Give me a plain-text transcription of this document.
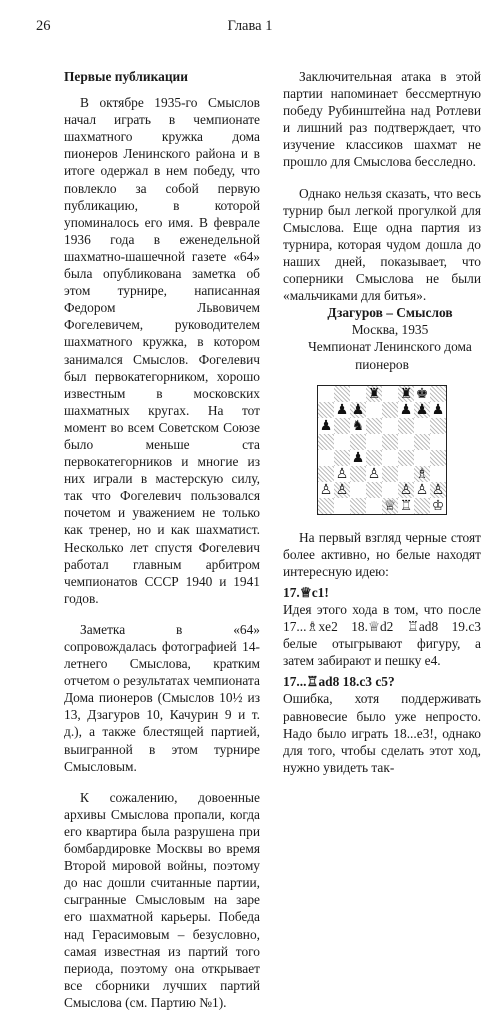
26	Глава 1

Первые публикации

В октябре 1935-го Смыслов начал играть в чемпионате шахматного кружка дома пионеров Ленинского района и в итоге одержал в нем победу, что повлекло за собой первую публикацию, в которой упоминалось его имя. В феврале 1936 года в еженедельной шахматно-шашечной газете «64» была опубликована заметка об этом турнире, написанная Федором Львовичем Фогелевичем, руководителем шахматного кружка, в котором занимался Смыслов. Фогелевич был первокатегорником, хорошо известным в московских шахматных кругах. На тот момент во всем Советском Союзе было меньше ста первокатегорников и многие из них играли в мастерскую силу, так что Фогелевич пользовался почетом и уважением не только как тренер, но и как шахматист. Несколько лет спустя Фогелевич работал главным арбитром чемпионатов СССР 1940 и 1941 годов.

Заметка в «64» сопровождалась фотографией 14-летнего Смыслова, кратким отчетом о результатах чемпионата Дома пионеров (Смыслов 10½ из 13, Дзагуров 10, Качурин 9 и т. д.), а также блестящей партией, выигранной в этом турнире Смысловым.

К сожалению, довоенные архивы Смыслова пропали, когда его квартира была разрушена при бомбардировке Москвы во время Второй мировой войны, поэтому до нас дошли считанные партии, сыгранные Смысловым на заре его шахматной карьеры. Победа над Герасимовым – безусловно, самая известная из партий того периода, поэтому она открывает все сборники лучших партий Смыслова (см. Партию №1).

Заключительная атака в этой партии напоминает бессмертную победу Рубинштейна над Ротлеви и лишний раз подтверждает, что изучение классиков шахмат не прошло для Смыслова бесследно.

Однако нельзя сказать, что весь турнир был легкой прогулкой для Смыслова. Еще одна партия из турнира, которая чудом дошла до наших дней, показывает, что соперники Смыслова не были «мальчиками для битья».

Дзагуров – Смыслов

Москва, 1935

Чемпионат Ленинского дома пионеров

♜ ♜ ♚
♟ ♟	♟ ♟ ♟
♟ ♞
♟
♙ ♙	♗
♙ ♙	♙ ♙ ♙
♕ ♖ ♔

На первый взгляд черные стоят более активно, но белые находят интересную идею:

17.♕c1!

Идея этого хода в том, что после 17...♗xe2 18.♕d2 ♖ad8 19.c3 белые отыгрывают фигуру, а затем забирают и пешку e4.

17...♖ad8 18.c3 c5?

Ошибка, хотя поддерживать равновесие было уже непросто. Надо было играть 18...e3!, однако для того, чтобы сделать этот ход, нужно увидеть так-
